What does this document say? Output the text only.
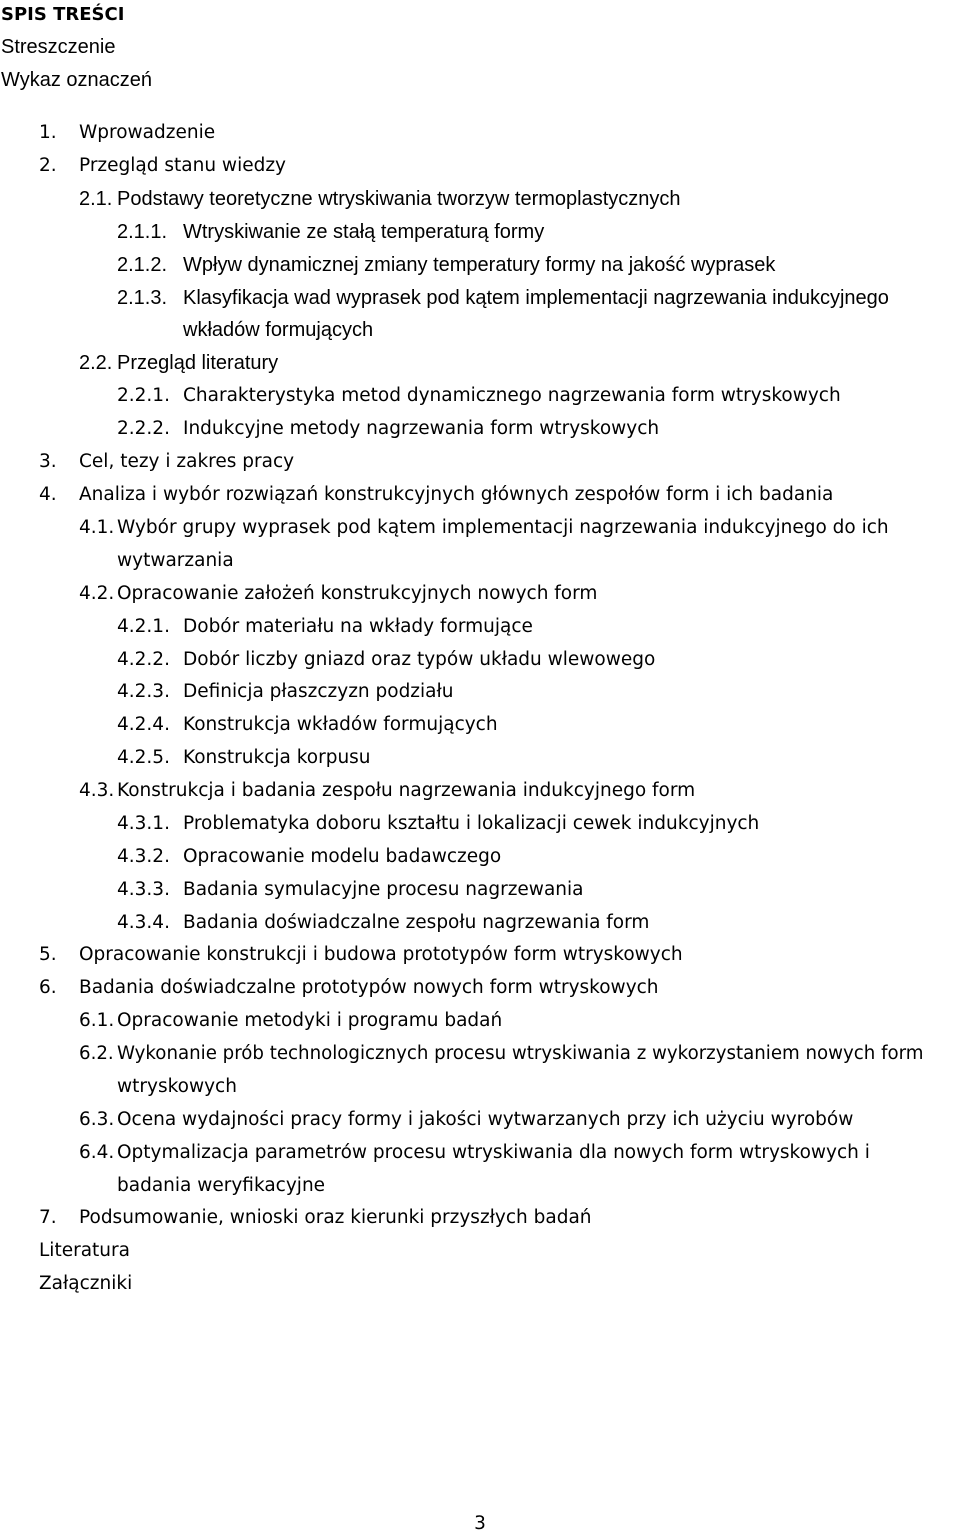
SPIS TREŚCI
Streszczenie
Wykaz oznaczeń
1. Wprowadzenie
2. Przegląd stanu wiedzy
2.1. Podstawy teoretyczne wtryskiwania tworzyw termoplastycznych
2.1.1. Wtryskiwanie ze stałą temperaturą formy
2.1.2. Wpływ dynamicznej zmiany temperatury formy na jakość wyprasek
2.1.3. Klasyfikacja wad wyprasek pod kątem implementacji nagrzewania indukcyjnego
wkładów formujących
2.2. Przegląd literatury
2.2.1. Charakterystyka metod dynamicznego nagrzewania form wtryskowych
2.2.2. Indukcyjne metody nagrzewania form wtryskowych
3. Cel, tezy i zakres pracy
4. Analiza i wybór rozwiązań konstrukcyjnych głównych zespołów form i ich badania
4.1. Wybór grupy wyprasek pod kątem implementacji nagrzewania indukcyjnego do ich
wytwarzania
4.2. Opracowanie założeń konstrukcyjnych nowych form
4.2.1. Dobór materiału na wkłady formujące
4.2.2. Dobór liczby gniazd oraz typów układu wlewowego
4.2.3. Definicja płaszczyzn podziału
4.2.4. Konstrukcja wkładów formujących
4.2.5. Konstrukcja korpusu
4.3. Konstrukcja i badania zespołu nagrzewania indukcyjnego form
4.3.1. Problematyka doboru kształtu i lokalizacji cewek indukcyjnych
4.3.2. Opracowanie modelu badawczego
4.3.3. Badania symulacyjne procesu nagrzewania
4.3.4. Badania doświadczalne zespołu nagrzewania form
5. Opracowanie konstrukcji i budowa prototypów form wtryskowych
6. Badania doświadczalne prototypów nowych form wtryskowych
6.1. Opracowanie metodyki i programu badań
6.2. Wykonanie prób technologicznych procesu wtryskiwania z wykorzystaniem nowych form
wtryskowych
6.3. Ocena wydajności pracy formy i jakości wytwarzanych przy ich użyciu wyrobów
6.4. Optymalizacja parametrów procesu wtryskiwania dla nowych form wtryskowych i
badania weryfikacyjne
7. Podsumowanie, wnioski oraz kierunki przyszłych badań
Literatura
Załączniki
3
